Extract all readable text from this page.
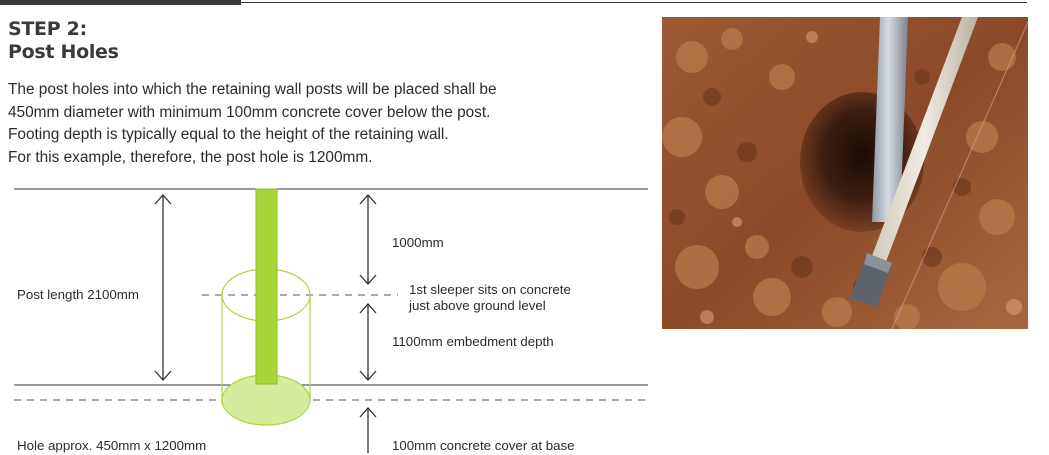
STEP 2:
Post Holes
The post holes into which the retaining wall posts will be placed shall be
450mm diameter with minimum 100mm concrete cover below the post.
Footing depth is typically equal to the height of the retaining wall.
For this example, therefore, the post hole is 1200mm.
Post length 2100mm
1000mm
1st sleeper sits on concrete
just above ground level
1100mm embedment depth
Hole approx. 450mm x 1200mm	100mm concrete cover at base
